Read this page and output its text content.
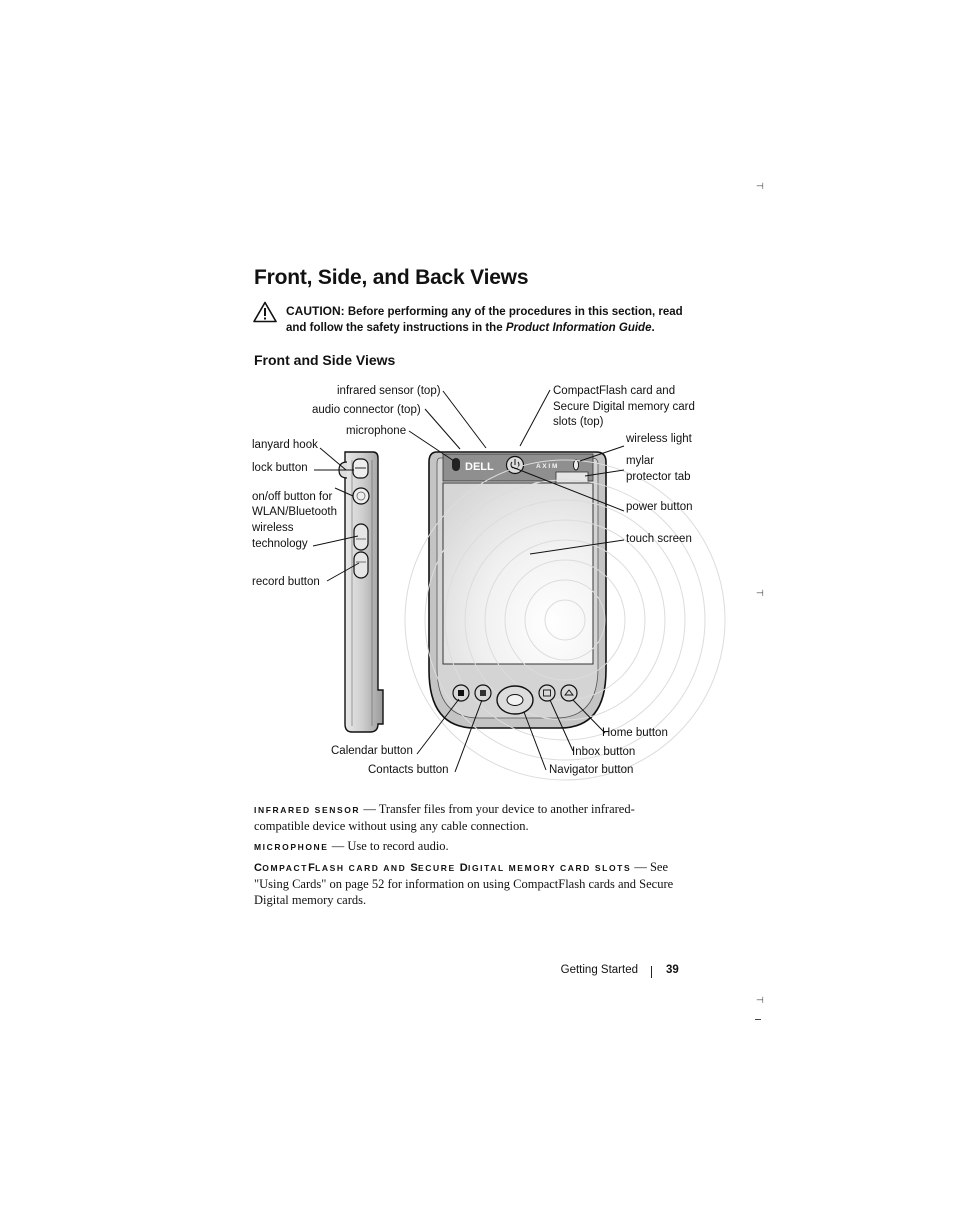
⊣
⊣
⊣
Front, Side, and Back Views
CAUTION: Before performing any of the procedures in this section, read and follow the safety instructions in the Product Information Guide.
Front and Side Views
DELL	A X I M
infrared sensor (top)
audio connector (top)
microphone
lanyard hook
lock button
on/off button for
WLAN/Bluetooth
wireless
technology
record button
CompactFlash card and
Secure Digital memory card
slots (top)
wireless light
mylar
protector tab
power button
touch screen
Home button
Calendar button	Inbox button
Contacts button	Navigator button
INFRARED SENSOR — Transfer files from your device to another infrared-compatible device without using any cable connection.
MICROPHONE — Use to record audio.
COMPACTFLASH CARD AND SECURE DIGITAL MEMORY CARD SLOTS — See "Using Cards" on page 52 for information on using CompactFlash cards and Secure Digital memory cards.
Getting Started 39
